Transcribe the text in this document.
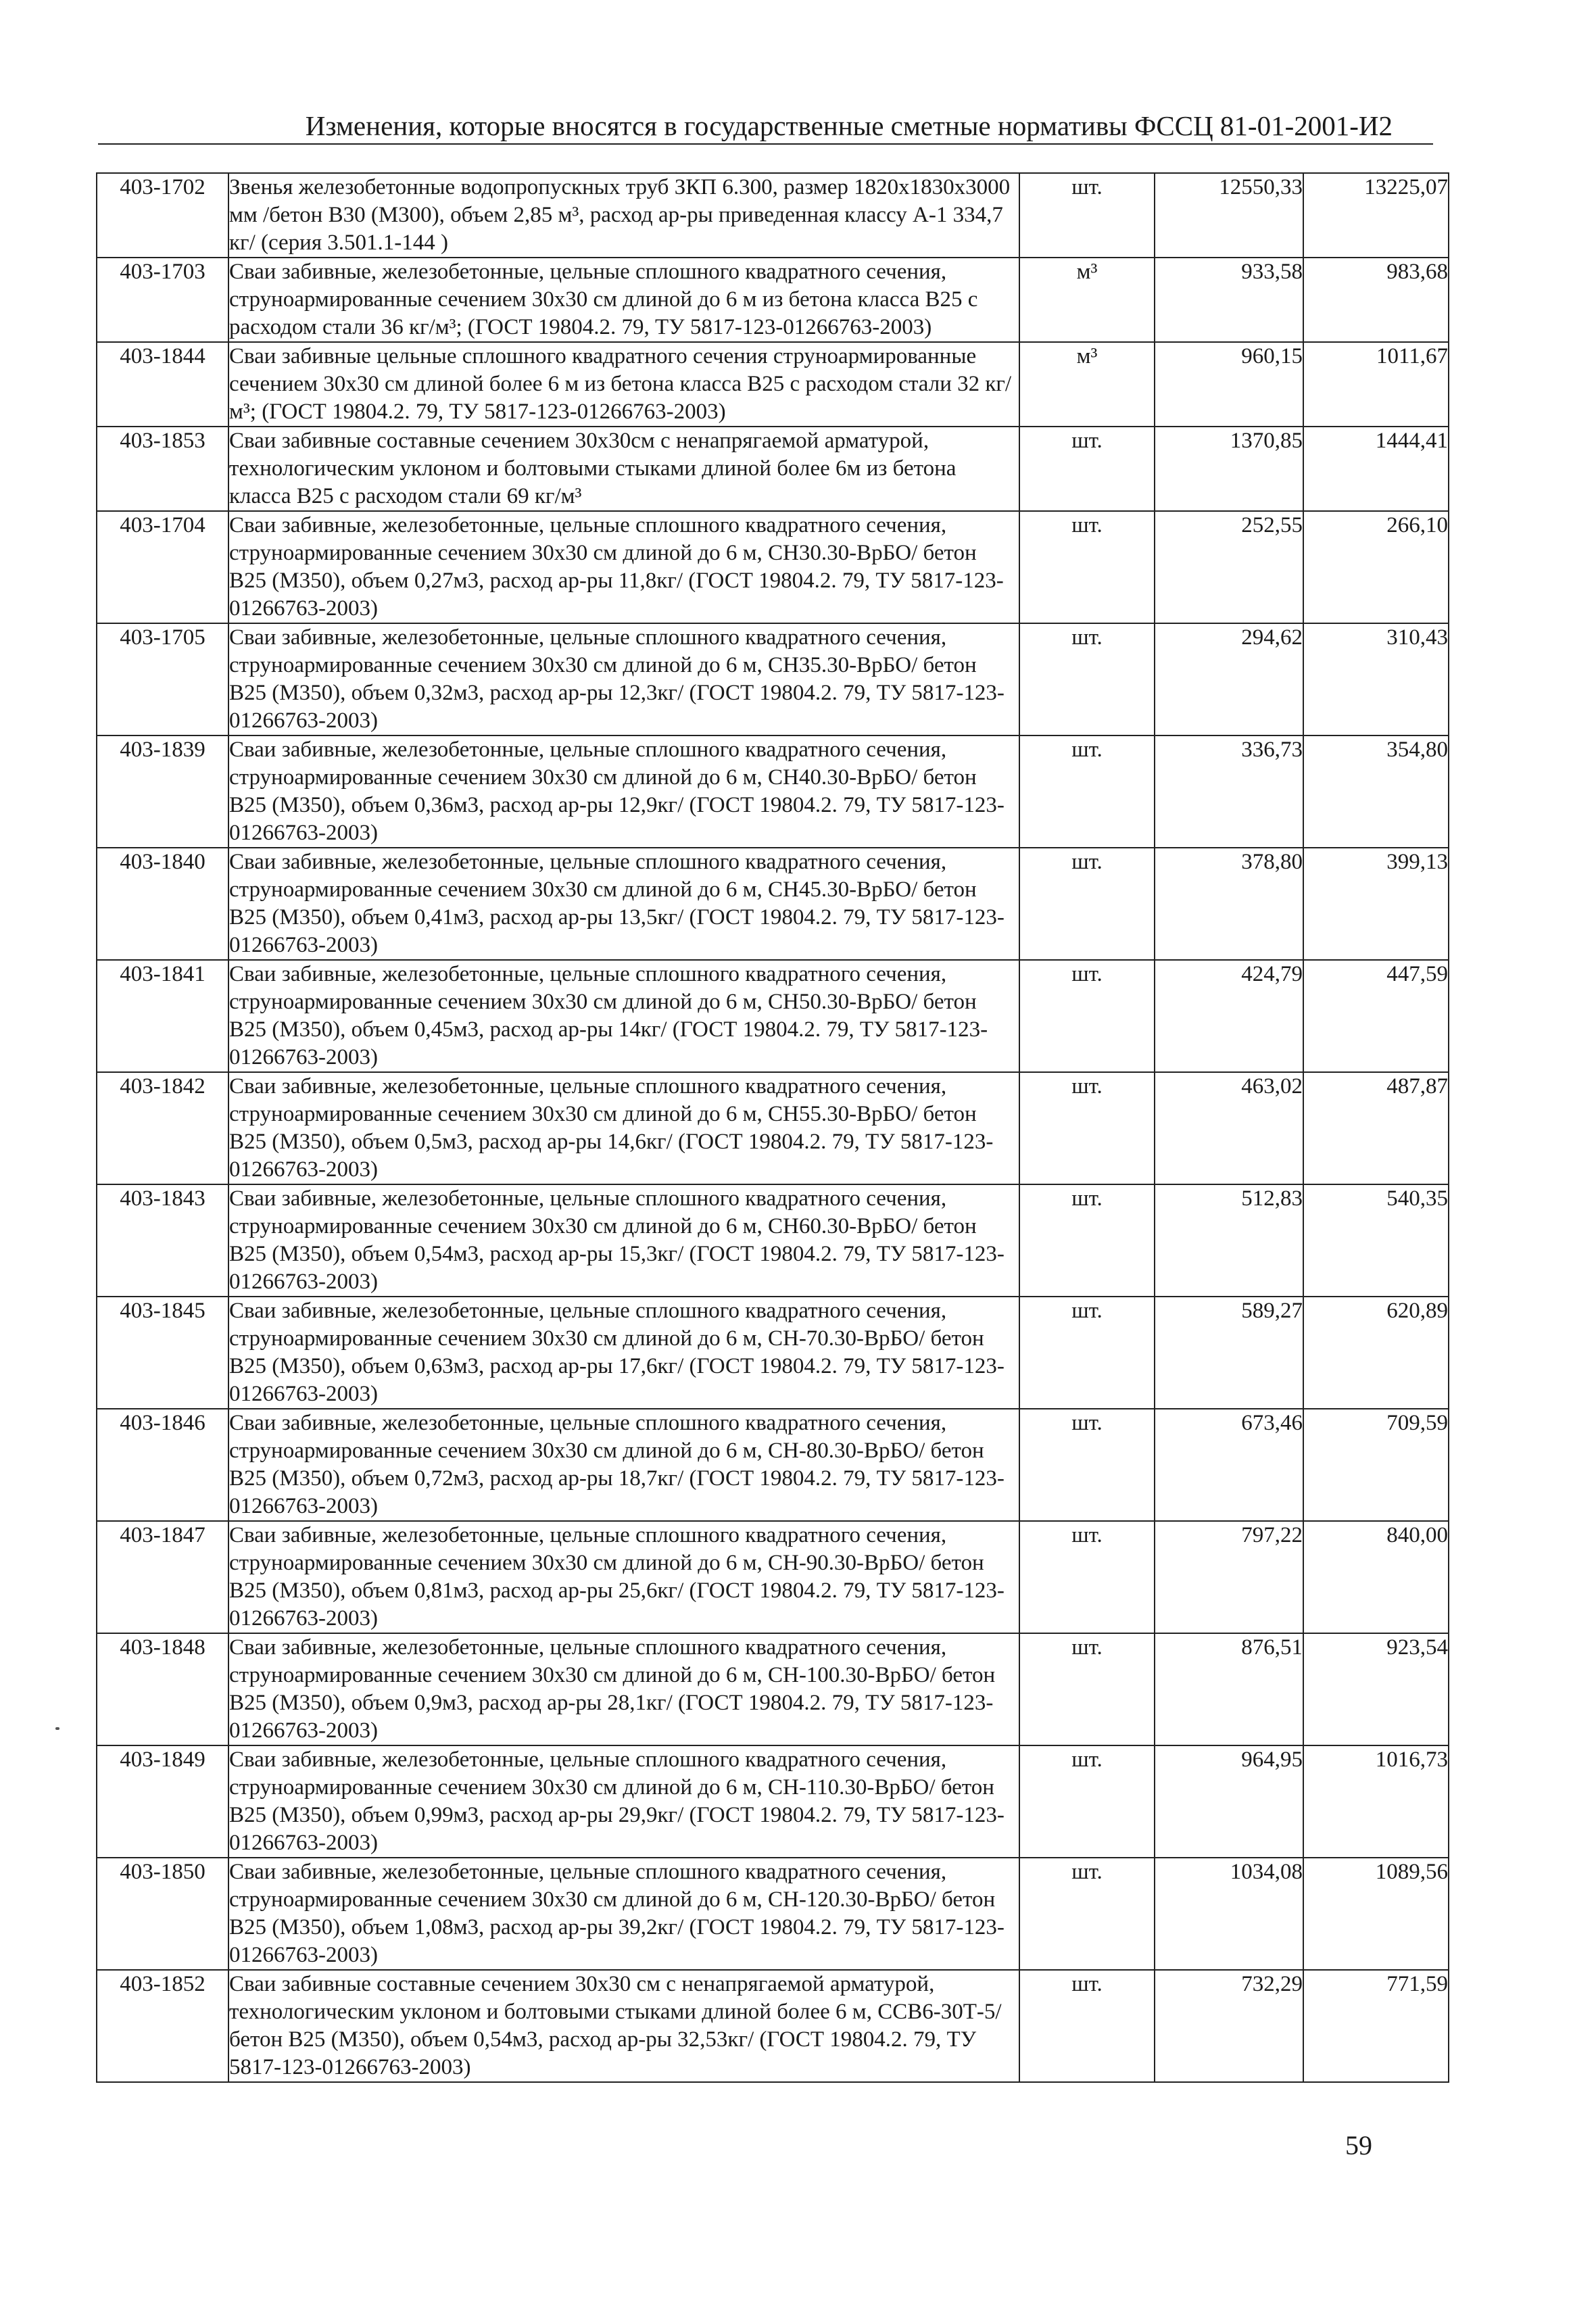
Изменения, которые вносятся в государственные сметные нормативы ФССЦ 81-01-2001-И2
403-1702	Звенья железобетонные водопропускных труб ЗКП 6.300, размер 1820х1830х3000 мм /бетон В30 (М300), объем 2,85 м³, расход ар-ры приведенная классу А-1 334,7 кг/ (серия 3.501.1-144 )	шт.	12550,33	13225,07
403-1703	Сваи забивные, железобетонные, цельные сплошного квадратного сечения, струноармированные сечением 30х30 см длиной до 6 м из бетона класса В25 с расходом стали 36 кг/м³; (ГОСТ 19804.2. 79, ТУ 5817-123-01266763-2003)	м³	933,58	983,68
403-1844	Сваи забивные цельные сплошного квадратного сечения струноармированные сечением 30х30 см длиной более 6 м из бетона класса В25 с расходом стали 32 кг/м³; (ГОСТ 19804.2. 79, ТУ 5817-123-01266763-2003)	м³	960,15	1011,67
403-1853	Сваи забивные составные сечением 30х30см с ненапрягаемой арматурой, технологическим уклоном и болтовыми стыками длиной более 6м из бетона класса В25 с расходом стали 69 кг/м³	шт.	1370,85	1444,41
403-1704	Сваи забивные, железобетонные, цельные сплошного квадратного сечения, струноармированные сечением 30х30 см длиной до 6 м, СН30.30-ВрБО/ бетон В25 (М350), объем 0,27м3, расход ар-ры 11,8кг/ (ГОСТ 19804.2. 79, ТУ 5817-123-01266763-2003)	шт.	252,55	266,10
403-1705	Сваи забивные, железобетонные, цельные сплошного квадратного сечения, струноармированные сечением 30х30 см длиной до 6 м, СН35.30-ВрБО/ бетон В25 (М350), объем 0,32м3, расход ар-ры 12,3кг/ (ГОСТ 19804.2. 79, ТУ 5817-123-01266763-2003)	шт.	294,62	310,43
403-1839	Сваи забивные, железобетонные, цельные сплошного квадратного сечения, струноармированные сечением 30х30 см длиной до 6 м, СН40.30-ВрБО/ бетон В25 (М350), объем 0,36м3, расход ар-ры 12,9кг/ (ГОСТ 19804.2. 79, ТУ 5817-123-01266763-2003)	шт.	336,73	354,80
403-1840	Сваи забивные, железобетонные, цельные сплошного квадратного сечения, струноармированные сечением 30х30 см длиной до 6 м, СН45.30-ВрБО/ бетон В25 (М350), объем 0,41м3, расход ар-ры 13,5кг/ (ГОСТ 19804.2. 79, ТУ 5817-123-01266763-2003)	шт.	378,80	399,13
403-1841	Сваи забивные, железобетонные, цельные сплошного квадратного сечения, струноармированные сечением 30х30 см длиной до 6 м, СН50.30-ВрБО/ бетон В25 (М350), объем 0,45м3, расход ар-ры 14кг/ (ГОСТ 19804.2. 79, ТУ 5817-123-01266763-2003)	шт.	424,79	447,59
403-1842	Сваи забивные, железобетонные, цельные сплошного квадратного сечения, струноармированные сечением 30х30 см длиной до 6 м, СН55.30-ВрБО/ бетон В25 (М350), объем 0,5м3, расход ар-ры 14,6кг/ (ГОСТ 19804.2. 79, ТУ 5817-123-01266763-2003)	шт.	463,02	487,87
403-1843	Сваи забивные, железобетонные, цельные сплошного квадратного сечения, струноармированные сечением 30х30 см длиной до 6 м, СН60.30-ВрБО/ бетон В25 (М350), объем 0,54м3, расход ар-ры 15,3кг/ (ГОСТ 19804.2. 79, ТУ 5817-123-01266763-2003)	шт.	512,83	540,35
403-1845	Сваи забивные, железобетонные, цельные сплошного квадратного сечения, струноармированные сечением 30х30 см длиной до 6 м, СН-70.30-ВрБО/ бетон В25 (М350), объем 0,63м3, расход ар-ры 17,6кг/ (ГОСТ 19804.2. 79, ТУ 5817-123-01266763-2003)	шт.	589,27	620,89
403-1846	Сваи забивные, железобетонные, цельные сплошного квадратного сечения, струноармированные сечением 30х30 см длиной до 6 м, СН-80.30-ВрБО/ бетон В25 (М350), объем 0,72м3, расход ар-ры 18,7кг/ (ГОСТ 19804.2. 79, ТУ 5817-123-01266763-2003)	шт.	673,46	709,59
403-1847	Сваи забивные, железобетонные, цельные сплошного квадратного сечения, струноармированные сечением 30х30 см длиной до 6 м, СН-90.30-ВрБО/ бетон В25 (М350), объем 0,81м3, расход ар-ры 25,6кг/ (ГОСТ 19804.2. 79, ТУ 5817-123-01266763-2003)	шт.	797,22	840,00
403-1848	Сваи забивные, железобетонные, цельные сплошного квадратного сечения, струноармированные сечением 30х30 см длиной до 6 м, СН-100.30-ВрБО/ бетон В25 (М350), объем 0,9м3, расход ар-ры 28,1кг/ (ГОСТ 19804.2. 79, ТУ 5817-123-01266763-2003)	шт.	876,51	923,54
403-1849	Сваи забивные, железобетонные, цельные сплошного квадратного сечения, струноармированные сечением 30х30 см длиной до 6 м, СН-110.30-ВрБО/ бетон В25 (М350), объем 0,99м3, расход ар-ры 29,9кг/ (ГОСТ 19804.2. 79, ТУ 5817-123-01266763-2003)	шт.	964,95	1016,73
403-1850	Сваи забивные, железобетонные, цельные сплошного квадратного сечения, струноармированные сечением 30х30 см длиной до 6 м, СН-120.30-ВрБО/ бетон В25 (М350), объем 1,08м3, расход ар-ры 39,2кг/ (ГОСТ 19804.2. 79, ТУ 5817-123-01266763-2003)	шт.	1034,08	1089,56
403-1852	Сваи забивные составные сечением 30х30 см с ненапрягаемой арматурой, технологическим уклоном и болтовыми стыками длиной более 6 м, ССВ6-30Т-5/ бетон В25 (М350), объем 0,54м3, расход ар-ры 32,53кг/ (ГОСТ 19804.2. 79, ТУ 5817-123-01266763-2003)	шт.	732,29	771,59
59
